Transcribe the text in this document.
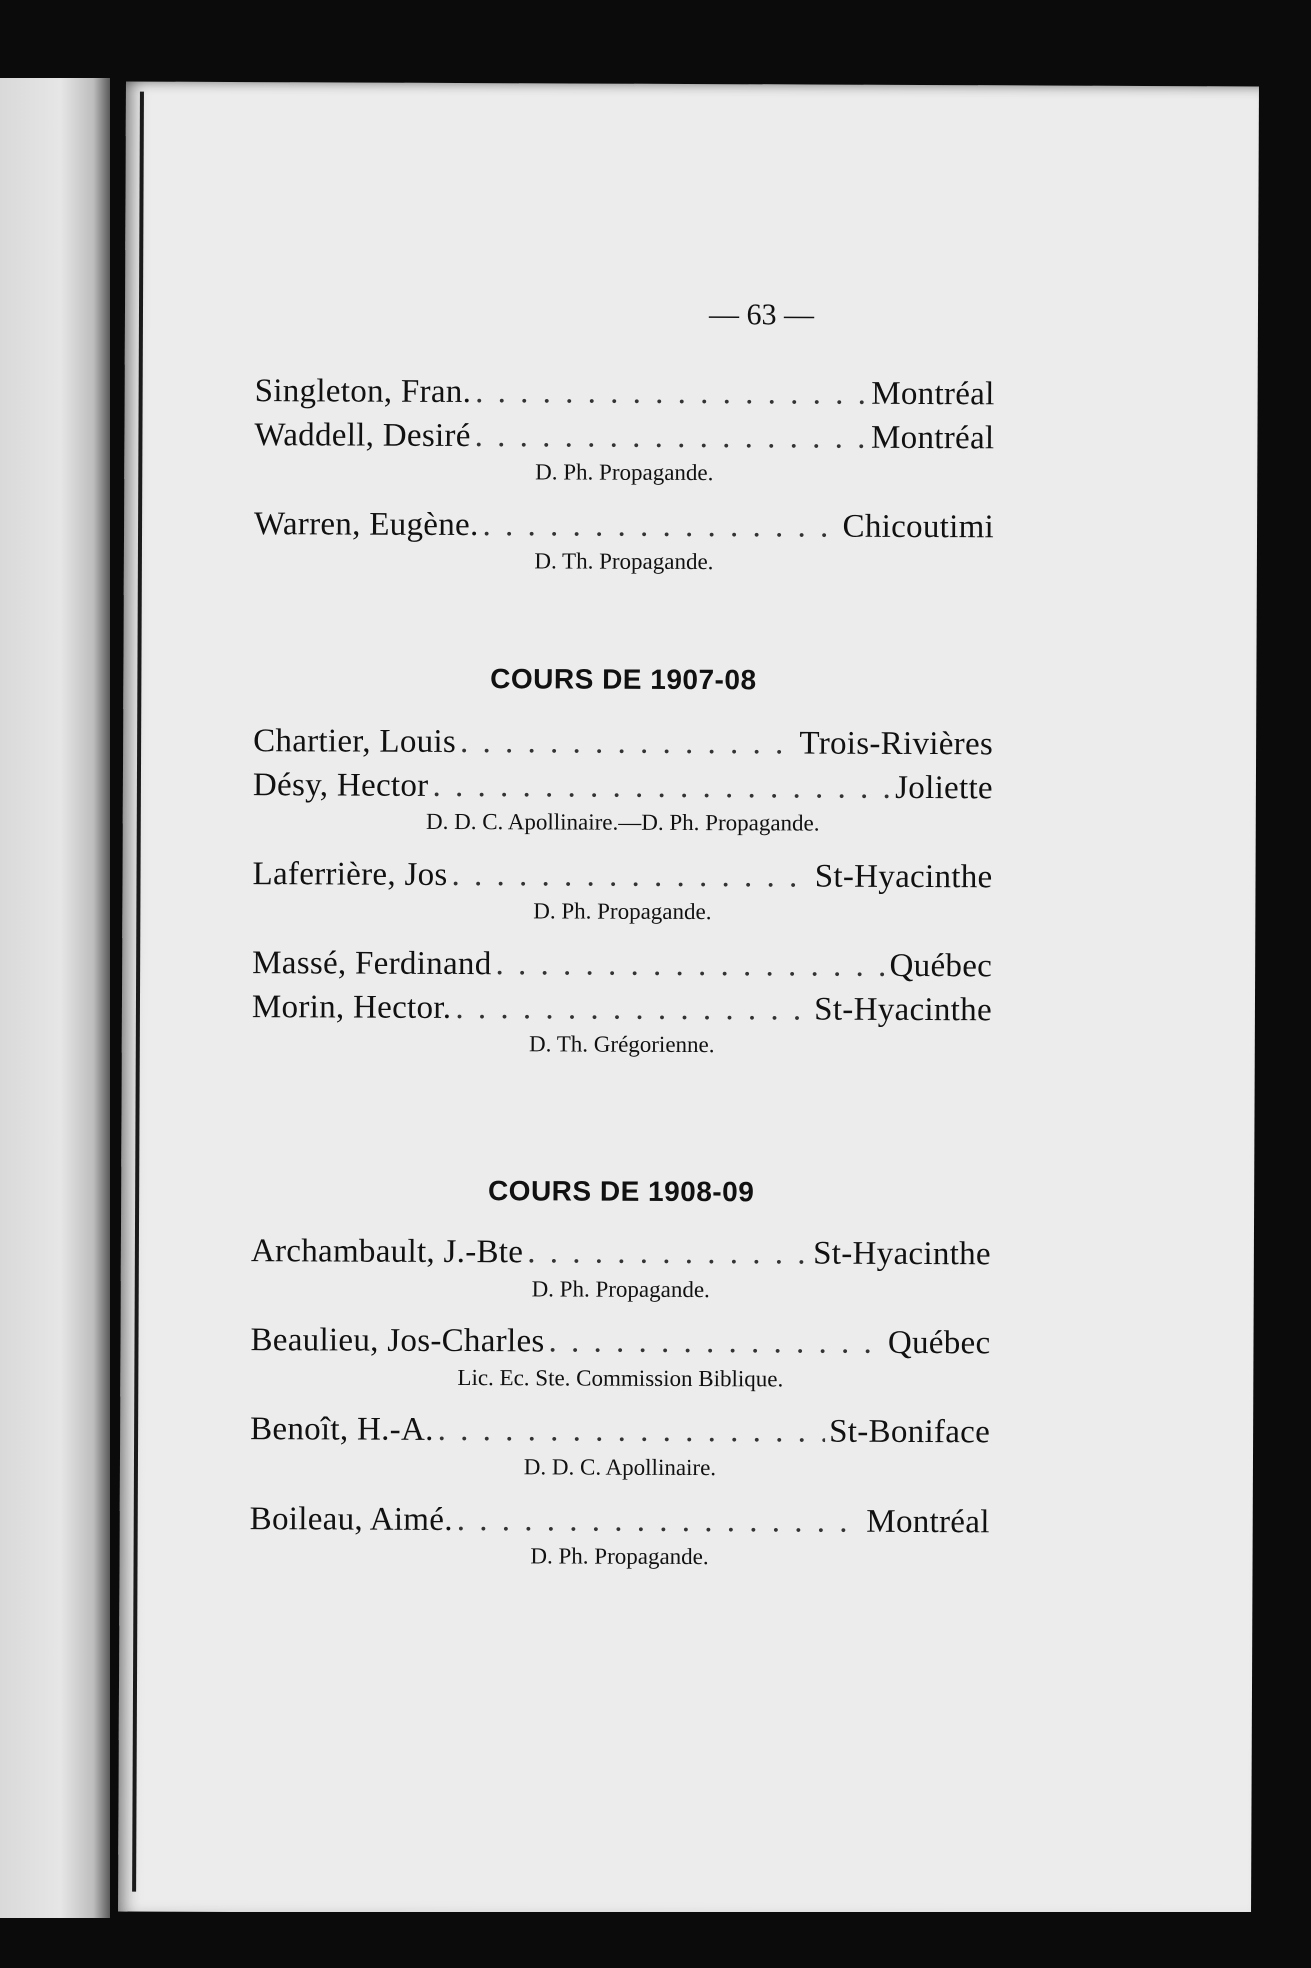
— 63 —
Singleton, Fran. . . .	Montréal
Waddell, Desiré . . .	Montréal
D. Ph. Propagande.
Warren, Eugène. . . .	Chicoutimi
D. Th. Propagande.
COURS DE 1907-08
Chartier, Louis . . .	Trois-Rivières
Désy, Hector . . .	Joliette
D. D. C. Apollinaire.—D. Ph. Propagande.
Laferrière, Jos . . .	St-Hyacinthe
D. Ph. Propagande.
Massé, Ferdinand . . .	Québec
Morin, Hector. . . .	St-Hyacinthe
D. Th. Grégorienne.
COURS DE 1908-09
Archambault, J.-Bte . . .	St-Hyacinthe
D. Ph. Propagande.
Beaulieu, Jos-Charles . . .	Québec
Lic. Ec. Ste. Commission Biblique.
Benoît, H.-A. . . .	St-Boniface
D. D. C. Apollinaire.
Boileau, Aimé. . . .	Montréal
D. Ph. Propagande.
